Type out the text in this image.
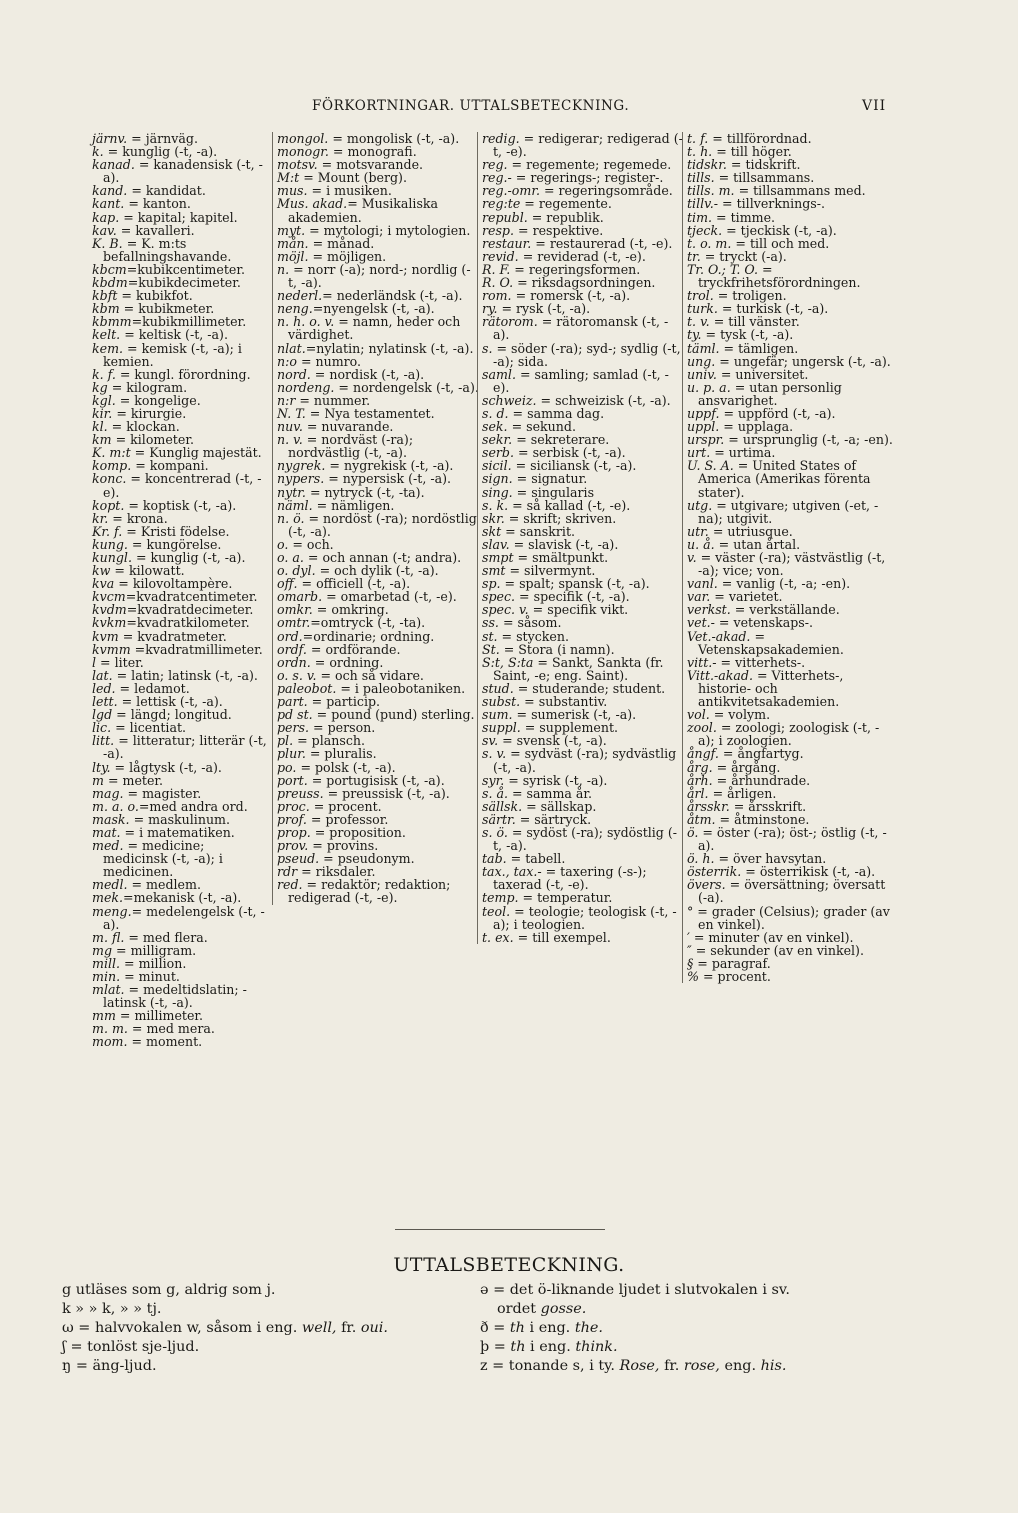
FÖRKORTNINGAR. UTTALSBETECKNING.	VII
järnv. = järnväg.
k. = kunglig (-t, -a).
kanad. = kanadensisk (-t, -a).
kand. = kandidat.
kant. = kanton.
kap. = kapital; kapitel.
kav. = kavalleri.
K. B. = K. m:ts befallningshavande.
kbcm=kubikcentimeter.
kbdm=kubikdecimeter.
kbft = kubikfot.
kbm = kubikmeter.
kbmm=kubikmillimeter.
kelt. = keltisk (-t, -a).
kem. = kemisk (-t, -a); i kemien.
k. f. = kungl. förordning.
kg = kilogram.
kgl. = kongelige.
kir. = kirurgie.
kl. = klockan.
km = kilometer.
K. m:t = Kunglig majestät.
komp. = kompani.
konc. = koncentrerad (-t, -e).
kopt. = koptisk (-t, -a).
kr. = krona.
Kr. f. = Kristi födelse.
kung. = kungörelse.
kungl. = kunglig (-t, -a).
kw = kilowatt.
kva = kilovoltampère.
kvcm=kvadratcentimeter.
kvdm=kvadratdecimeter.
kvkm=kvadratkilometer.
kvm = kvadratmeter.
kvmm =kvadratmillimeter.
l = liter.
lat. = latin; latinsk (-t, -a).
led. = ledamot.
lett. = lettisk (-t, -a).
lgd = längd; longitud.
lic. = licentiat.
litt. = litteratur; litterär (-t, -a).
lty. = lågtysk (-t, -a).
m = meter.
mag. = magister.
m. a. o.=med andra ord.
mask. = maskulinum.
mat. = i matematiken.
med. = medicine; medicinsk (-t, -a); i medicinen.
medl. = medlem.
mek.=mekanisk (-t, -a).
meng.= medelengelsk (-t, -a).
m. fl. = med flera.
mg = milligram.
mill. = million.
min. = minut.
mlat. = medeltidslatin; -latinsk (-t, -a).
mm = millimeter.
m. m. = med mera.
mom. = moment.
mongol. = mongolisk (-t, -a).
monogr. = monografi.
motsv. = motsvarande.
M:t = Mount (berg).
mus. = i musiken.
Mus. akad.= Musikaliska akademien.
myt. = mytologi; i mytologien.
mån. = månad.
möjl. = möjligen.
n. = norr (-a); nord-; nordlig (-t, -a).
nederl.= nederländsk (-t, -a).
neng.=nyengelsk (-t, -a).
n. h. o. v. = namn, heder och värdighet.
nlat.=nylatin; nylatinsk (-t, -a).
n:o = numro.
nord. = nordisk (-t, -a).
nordeng. = nordengelsk (-t, -a).
n:r = nummer.
N. T. = Nya testamentet.
nuv. = nuvarande.
n. v. = nordväst (-ra); nordvästlig (-t, -a).
nygrek. = nygrekisk (-t, -a).
nypers. = nypersisk (-t, -a).
nytr. = nytryck (-t, -ta).
näml. = nämligen.
n. ö. = nordöst (-ra); nordöstlig (-t, -a).
o. = och.
o. a. = och annan (-t; andra).
o. dyl. = och dylik (-t, -a).
off. = officiell (-t, -a).
omarb. = omarbetad (-t, -e).
omkr. = omkring.
omtr.=omtryck (-t, -ta).
ord.=ordinarie; ordning.
ordf. = ordförande.
ordn. = ordning.
o. s. v. = och så vidare.
paleobot. = i paleobotaniken.
part. = particip.
pd st. = pound (pund) sterling.
pers. = person.
pl. = plansch.
plur. = pluralis.
po. = polsk (-t, -a).
port. = portugisisk (-t, -a).
preuss. = preussisk (-t, -a).
proc. = procent.
prof. = professor.
prop. = proposition.
prov. = provins.
pseud. = pseudonym.
rdr = riksdaler.
red. = redaktör; redaktion; redigerad (-t, -e).
redig. = redigerar; redigerad (-t, -e).
reg. = regemente; regemede.
reg.- = regerings-; register-.
reg.-omr. = regeringsområde.
reg:te = regemente.
republ. = republik.
resp. = respektive.
restaur. = restaurerad (-t, -e).
revid. = reviderad (-t, -e).
R. F. = regeringsformen.
R. O. = riksdagsordningen.
rom. = romersk (-t, -a).
ry. = rysk (-t, -a).
rätorom. = rätoromansk (-t, -a).
s. = söder (-ra); syd-; sydlig (-t, -a); sida.
saml. = samling; samlad (-t, -e).
schweiz. = schweizisk (-t, -a).
s. d. = samma dag.
sek. = sekund.
sekr. = sekreterare.
serb. = serbisk (-t, -a).
sicil. = siciliansk (-t, -a).
sign. = signatur.
sing. = singularis
s. k. = så kallad (-t, -e).
skr. = skrift; skriven.
skt = sanskrit.
slav. = slavisk (-t, -a).
smpt = smältpunkt.
smt = silvermynt.
sp. = spalt; spansk (-t, -a).
spec. = specifik (-t, -a).
spec. v. = specifik vikt.
ss. = såsom.
st. = stycken.
St. = Stora (i namn).
S:t, S:ta = Sankt, Sankta (fr. Saint, -e; eng. Saint).
stud. = studerande; student.
subst. = substantiv.
sum. = sumerisk (-t, -a).
suppl. = supplement.
sv. = svensk (-t, -a).
s. v. = sydväst (-ra); sydvästlig (-t, -a).
syr. = syrisk (-t, -a).
s. å. = samma år.
sällsk. = sällskap.
särtr. = särtryck.
s. ö. = sydöst (-ra); sydöstlig (-t, -a).
tab. = tabell.
tax., tax.- = taxering (-s-); taxerad (-t, -e).
temp. = temperatur.
teol. = teologie; teologisk (-t, -a); i teologien.
t. ex. = till exempel.
t. f. = tillförordnad.
t. h. = till höger.
tidskr. = tidskrift.
tills. = tillsammans.
tills. m. = tillsammans med.
tillv.- = tillverknings-.
tim. = timme.
tjeck. = tjeckisk (-t, -a).
t. o. m. = till och med.
tr. = tryckt (-a).
Tr. O.; T. O. = tryckfrihetsförordningen.
trol. = troligen.
turk. = turkisk (-t, -a).
t. v. = till vänster.
ty. = tysk (-t, -a).
täml. = tämligen.
ung. = ungefär; ungersk (-t, -a).
univ. = universitet.
u. p. a. = utan personlig ansvarighet.
uppf. = uppförd (-t, -a).
uppl. = upplaga.
urspr. = ursprunglig (-t, -a; -en).
urt. = urtima.
U. S. A. = United States of America (Amerikas förenta stater).
utg. = utgivare; utgiven (-et, -na); utgivit.
utr. = utriusque.
u. å. = utan årtal.
v. = väster (-ra); västvästlig (-t, -a); vice; von.
vanl. = vanlig (-t, -a; -en).
var. = varietet.
verkst. = verkställande.
vet.- = vetenskaps-.
Vet.-akad. = Vetenskapsakademien.
vitt.- = vitterhets-.
Vitt.-akad. = Vitterhets-, historie- och antikvitetsakademien.
vol. = volym.
zool. = zoologi; zoologisk (-t, -a); i zoologien.
ångf. = ångfartyg.
årg. = årgång.
årh. = århundrade.
årl. = årligen.
årsskr. = årsskrift.
åtm. = åtminstone.
ö. = öster (-ra); öst-; östlig (-t, -a).
ö. h. = över havsytan.
österrik. = österrikisk (-t, -a).
övers. = översättning; översatt (-a).
° = grader (Celsius); grader (av en vinkel).
′ = minuter (av en vinkel).
″ = sekunder (av en vinkel).
§ = paragraf.
% = procent.
UTTALSBETECKNING.
g utläses som g, aldrig som j.
k » » k, » » tj.
ω = halvvokalen w, såsom i eng. well, fr. oui.
ʃ = tonlöst sje-ljud.
ŋ = äng-ljud.
ə = det ö-liknande ljudet i slutvokalen i sv.
ordet gosse.
ð = th i eng. the.
þ = th i eng. think.
z = tonande s, i ty. Rose, fr. rose, eng. his.
